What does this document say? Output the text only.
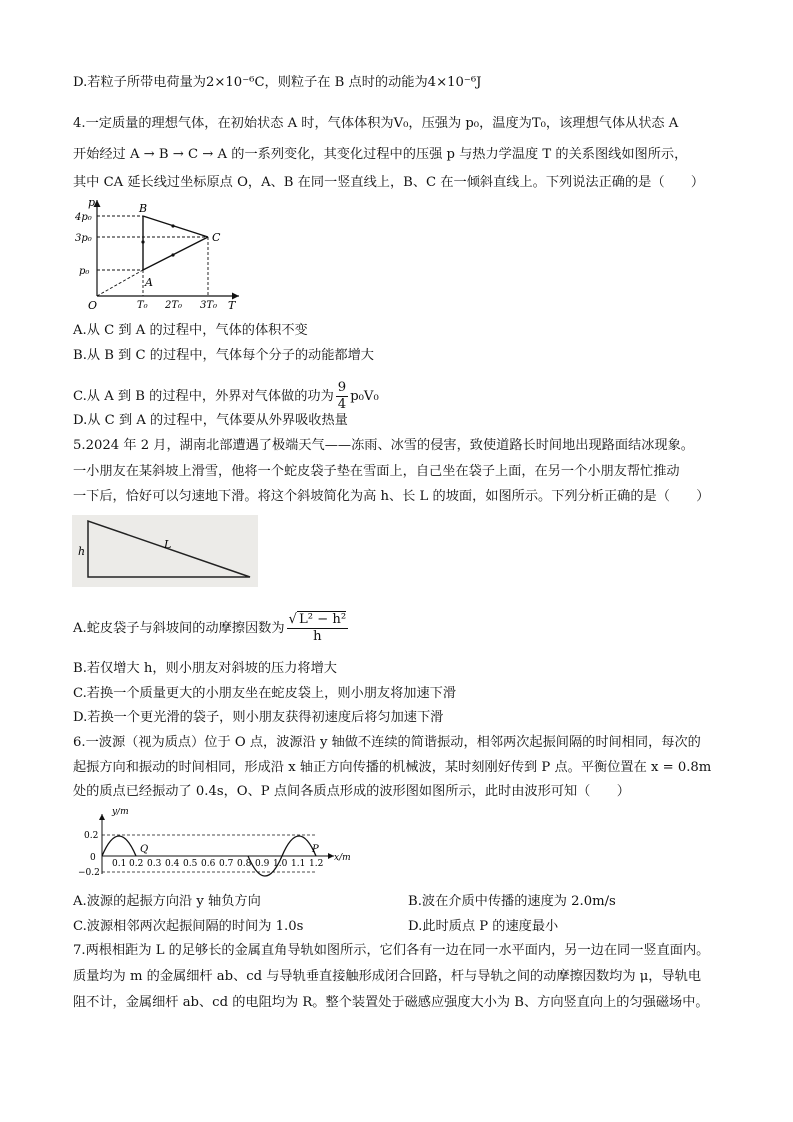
D.若粒子所带电荷量为2×10⁻⁶C，则粒子在 B 点时的动能为4×10⁻⁶J
4.一定质量的理想气体，在初始状态 A 时，气体体积为V₀，压强为 p₀，温度为T₀，该理想气体从状态 A
开始经过 A → B → C → A 的一系列变化，其变化过程中的压强 p 与热力学温度 T 的关系图线如图所示，
其中 CA 延长线过坐标原点 O，A、B 在同一竖直线上，B、C 在一倾斜直线上。下列说法正确的是（　　）
p
T
O
4p₀
3p₀
p₀
T₀ 2T₀ 3T₀
A
B
C
A.从 C 到 A 的过程中，气体的体积不变
B.从 B 到 C 的过程中，气体每个分子的动能都增大
C.从 A 到 B 的过程中，外界对气体做的功为 $\frac{9}{4} p_0V_0$
D.从 C 到 A 的过程中，气体要从外界吸收热量
5.2024 年 2 月，湖南北部遭遇了极端天气——冻雨、冰雪的侵害，致使道路长时间地出现路面结冰现象。
一小朋友在某斜坡上滑雪，他将一个蛇皮袋子垫在雪面上，自己坐在袋子上面，在另一个小朋友帮忙推动
一下后，恰好可以匀速地下滑。将这个斜坡简化为高 h、长 L 的坡面，如图所示。下列分析正确的是（　　）
h
L
A.蛇皮袋子与斜坡间的动摩擦因数为 $\frac{\text{√ L² − h²}}{h}$
B.若仅增大 h，则小朋友对斜坡的压力将增大
C.若换一个质量更大的小朋友坐在蛇皮袋上，则小朋友将加速下滑
D.若换一个更光滑的袋子，则小朋友获得初速度后将匀加速下滑
6.一波源（视为质点）位于 O 点，波源沿 y 轴做不连续的简谐振动，相邻两次起振间隔的时间相同，每次的
起振方向和振动的时间相同，形成沿 x 轴正方向传播的机械波，某时刻刚好传到 P 点。平衡位置在 x = 0.8m
处的质点已经振动了 0.4s，O、P 点间各质点形成的波形图如图所示，此时由波形可知（　　）
y/m
x/m
0.2
0
−0.2
0.1 0.2 0.3 0.4 0.5 0.6 0.7 0.8 0.9 1.0 1.1 1.2
Q	P
A.波源的起振方向沿 y 轴负方向	B.波在介质中传播的速度为 2.0m/s
C.波源相邻两次起振间隔的时间为 1.0s	D.此时质点 P 的速度最小
7.两根相距为 L 的足够长的金属直角导轨如图所示，它们各有一边在同一水平面内，另一边在同一竖直面内。
质量均为 m 的金属细杆 ab、cd 与导轨垂直接触形成闭合回路，杆与导轨之间的动摩擦因数均为 μ，导轨电
阻不计，金属细杆 ab、cd 的电阻均为 R。整个装置处于磁感应强度大小为 B、方向竖直向上的匀强磁场中。
